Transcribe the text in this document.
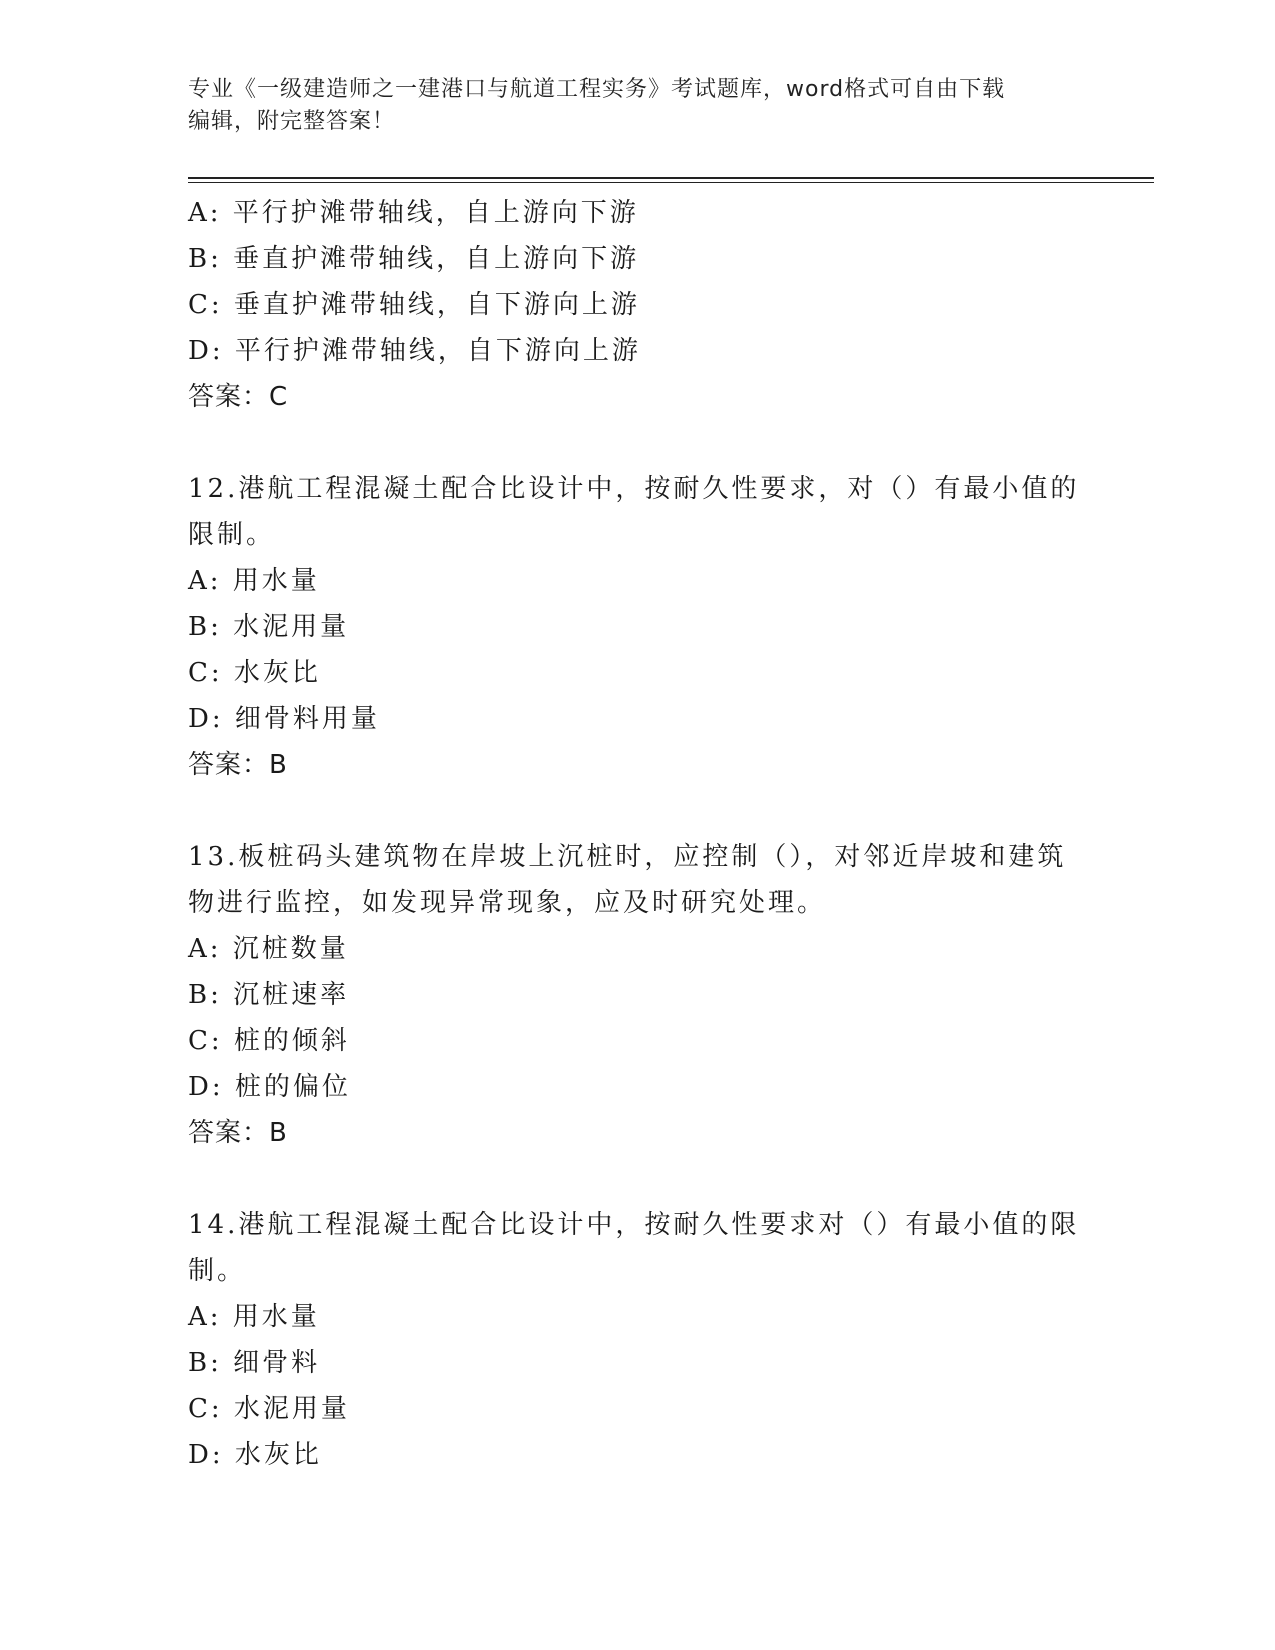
专业《一级建造师之一建港口与航道工程实务》考试题库，word格式可自由下载
编辑，附完整答案！
A: 平行护滩带轴线，自上游向下游
B: 垂直护滩带轴线，自上游向下游
C: 垂直护滩带轴线，自下游向上游
D: 平行护滩带轴线，自下游向上游
答案：C
12.港航工程混凝土配合比设计中，按耐久性要求，对（）有最小值的
限制。
A: 用水量
B: 水泥用量
C: 水灰比
D: 细骨料用量
答案：B
13.板桩码头建筑物在岸坡上沉桩时，应控制（），对邻近岸坡和建筑
物进行监控，如发现异常现象，应及时研究处理。
A: 沉桩数量
B: 沉桩速率
C: 桩的倾斜
D: 桩的偏位
答案：B
14.港航工程混凝土配合比设计中，按耐久性要求对（）有最小值的限
制。
A: 用水量
B: 细骨料
C: 水泥用量
D: 水灰比
